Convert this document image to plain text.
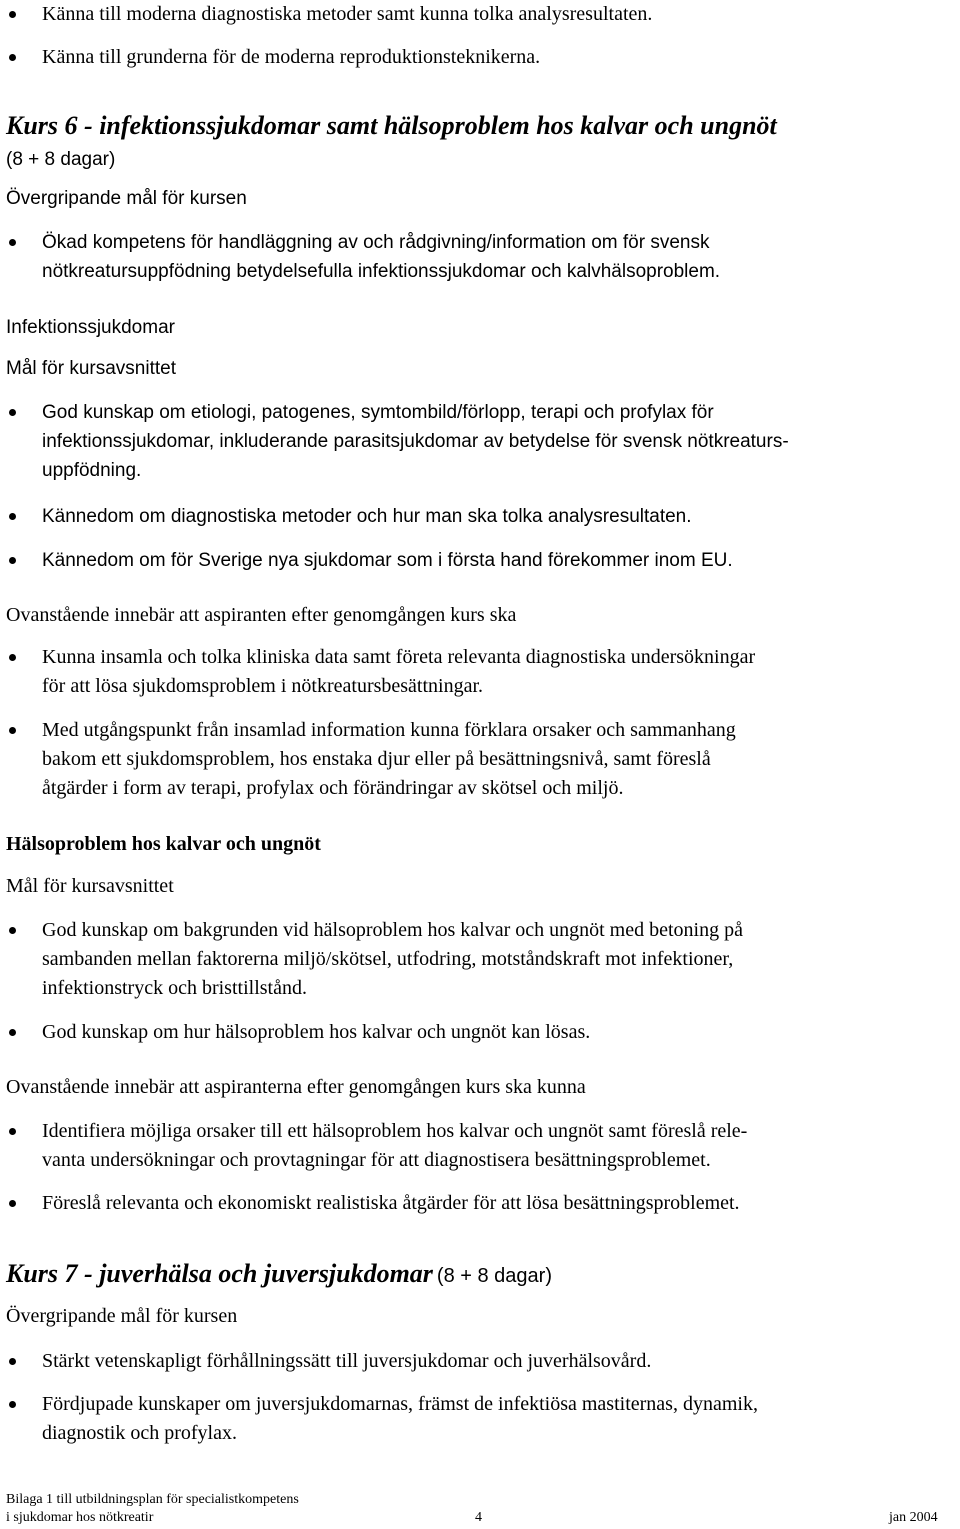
Känna till moderna diagnostiska metoder samt kunna tolka analysresultaten.
Känna till grunderna för de moderna reproduktionsteknikerna.
Kurs 6 - infektionssjukdomar samt hälsoproblem hos kalvar och ungnöt
(8 + 8 dagar)
Övergripande mål för kursen
Ökad kompetens för handläggning av och rådgivning/information om för svensk
nötkreatursuppfödning betydelsefulla infektionssjukdomar och kalvhälsoproblem.
Infektionssjukdomar
Mål för kursavsnittet
God kunskap om etiologi, patogenes, symtombild/förlopp, terapi och profylax för
infektionssjukdomar, inkluderande parasitsjukdomar av betydelse för svensk nötkreaturs-
uppfödning.
Kännedom om diagnostiska metoder och hur man ska tolka analysresultaten.
Kännedom om för Sverige nya sjukdomar som i första hand förekommer inom EU.
Ovanstående innebär att aspiranten efter genomgången kurs ska
Kunna insamla och tolka kliniska data samt företa relevanta diagnostiska undersökningar
för att lösa sjukdomsproblem i nötkreatursbesättningar.
Med utgångspunkt från insamlad information kunna förklara orsaker och sammanhang
bakom ett sjukdomsproblem, hos enstaka djur eller på besättningsnivå, samt föreslå
åtgärder i form av terapi, profylax och förändringar av skötsel och miljö.
Hälsoproblem hos kalvar och ungnöt
Mål för kursavsnittet
God kunskap om bakgrunden vid hälsoproblem hos kalvar och ungnöt med betoning på
sambanden mellan faktorerna miljö/skötsel, utfodring, motståndskraft mot infektioner,
infektionstryck och bristtillstånd.
God kunskap om hur hälsoproblem hos kalvar och ungnöt kan lösas.
Ovanstående innebär att aspiranterna efter genomgången kurs ska kunna
Identifiera möjliga orsaker till ett hälsoproblem hos kalvar och ungnöt samt föreslå rele-
vanta undersökningar och provtagningar för att diagnostisera besättningsproblemet.
Föreslå relevanta och ekonomiskt realistiska åtgärder för att lösa besättningsproblemet.
Kurs 7 - juverhälsa och juversjukdomar (8 + 8 dagar)
Övergripande mål för kursen
Stärkt vetenskapligt förhållningssätt till juversjukdomar och juverhälsovård.
Fördjupade kunskaper om juversjukdomarnas, främst de infektiösa mastiternas, dynamik,
diagnostik och profylax.
Bilaga 1 till utbildningsplan för specialistkompetens
i sjukdomar hos nötkreatir	4	jan 2004
